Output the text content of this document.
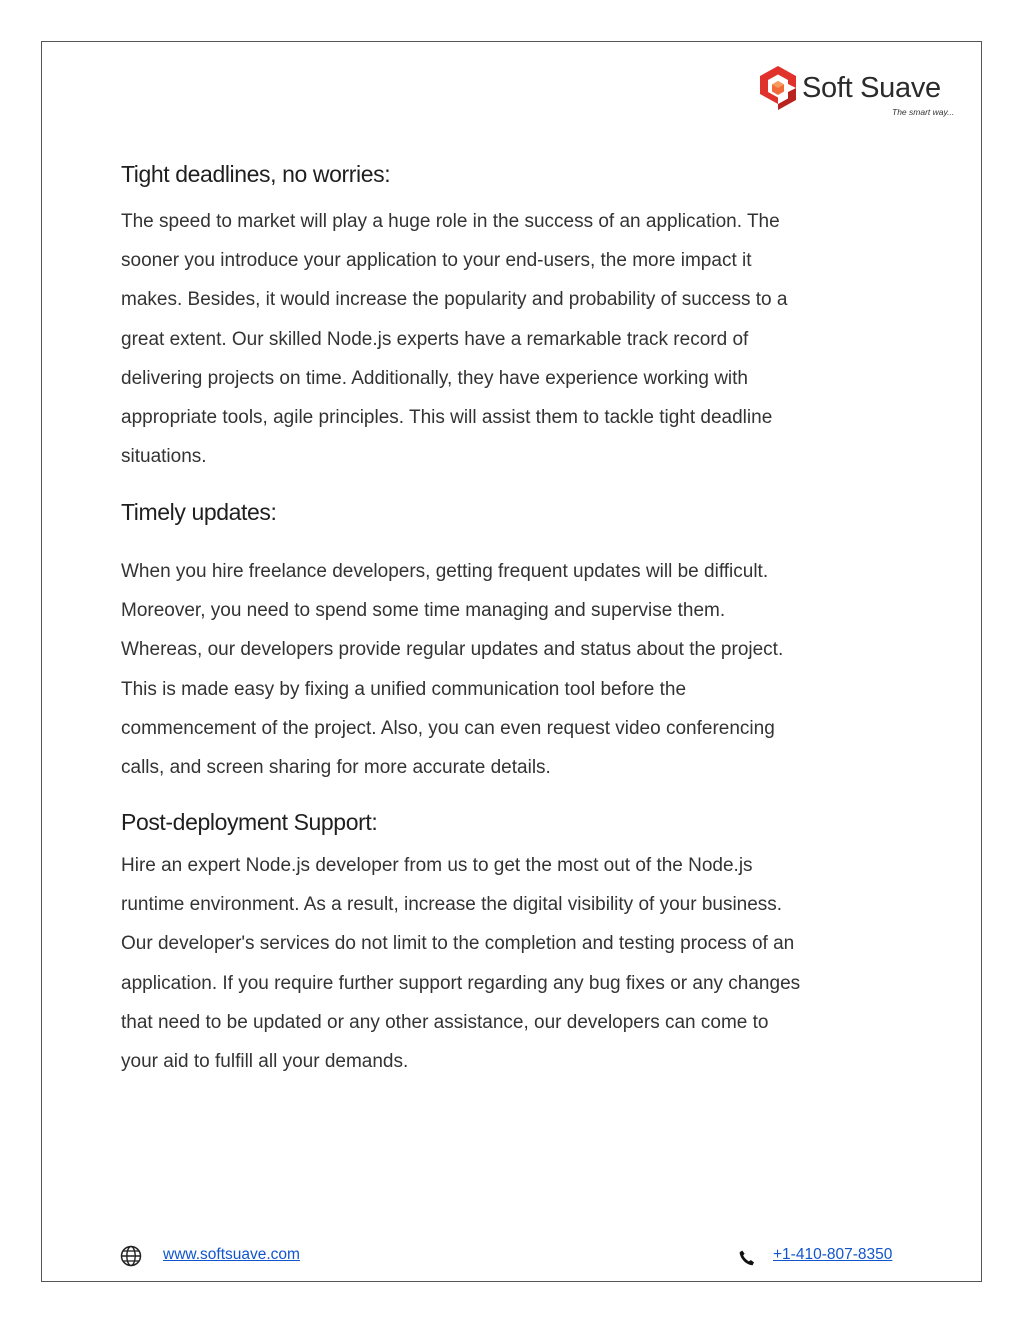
Soft Suave
The smart way...
Tight deadlines, no worries:
The speed to market will play a huge role in the success of an application. The
sooner you introduce your application to your end-users, the more impact it
makes. Besides, it would increase the popularity and probability of success to a
great extent. Our skilled Node.js experts have a remarkable track record of
delivering projects on time. Additionally, they have experience working with
appropriate tools, agile principles. This will assist them to tackle tight deadline
situations.
Timely updates:
When you hire freelance developers, getting frequent updates will be difficult.
Moreover, you need to spend some time managing and supervise them.
Whereas, our developers provide regular updates and status about the project.
This is made easy by fixing a unified communication tool before the
commencement of the project. Also, you can even request video conferencing
calls, and screen sharing for more accurate details.
Post-deployment Support:
Hire an expert Node.js developer from us to get the most out of the Node.js
runtime environment. As a result, increase the digital visibility of your business.
Our developer's services do not limit to the completion and testing process of an
application. If you require further support regarding any bug fixes or any changes
that need to be updated or any other assistance, our developers can come to
your aid to fulfill all your demands.
www.softsuave.com	+1-410-807-8350
